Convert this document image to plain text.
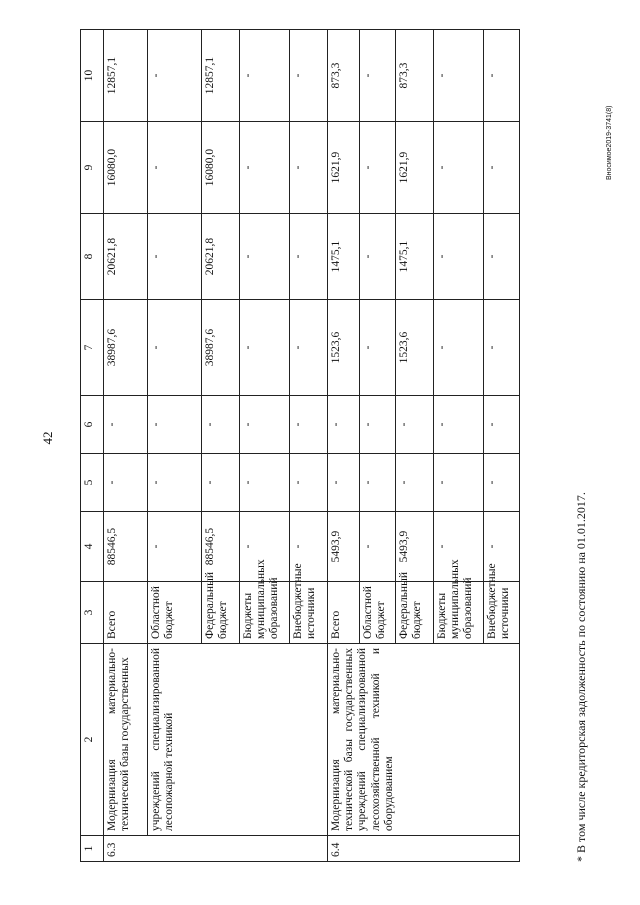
42
Вносимое2019-3741(8)
1	2	3	4	5	6	7	8	9	10
6.3	Модернизация материально-технической базы государственных	Всего	88546,5	-	-	38987,6	20621,8	16080,0	12857,1
	учреждений специализированной лесопожарной техникой	Областной бюджет	-	-	-	-	-	-	-
		Федеральный бюджет	88546,5	-	-	38987,6	20621,8	16080,0	12857,1
		Бюджеты муниципальных образований	-	-	-	-	-	-	-
		Внебюджетные источники	-	-	-	-	-	-	-
6.4	Модернизация материально-технической базы государственных учреждений специализированной лесохозяйственной техникой и оборудованием	Всего	5493,9	-	-	1523,6	1475,1	1621,9	873,3
		Областной бюджет	-	-	-	-	-	-	-
		Федеральный бюджет	5493,9	-	-	1523,6	1475,1	1621,9	873,3
		Бюджеты муниципальных образований	-	-	-	-	-	-	-
		Внебюджетные источники	-	-	-	-	-	-	-
* В том числе кредиторская задолженность по состоянию на 01.01.2017.
